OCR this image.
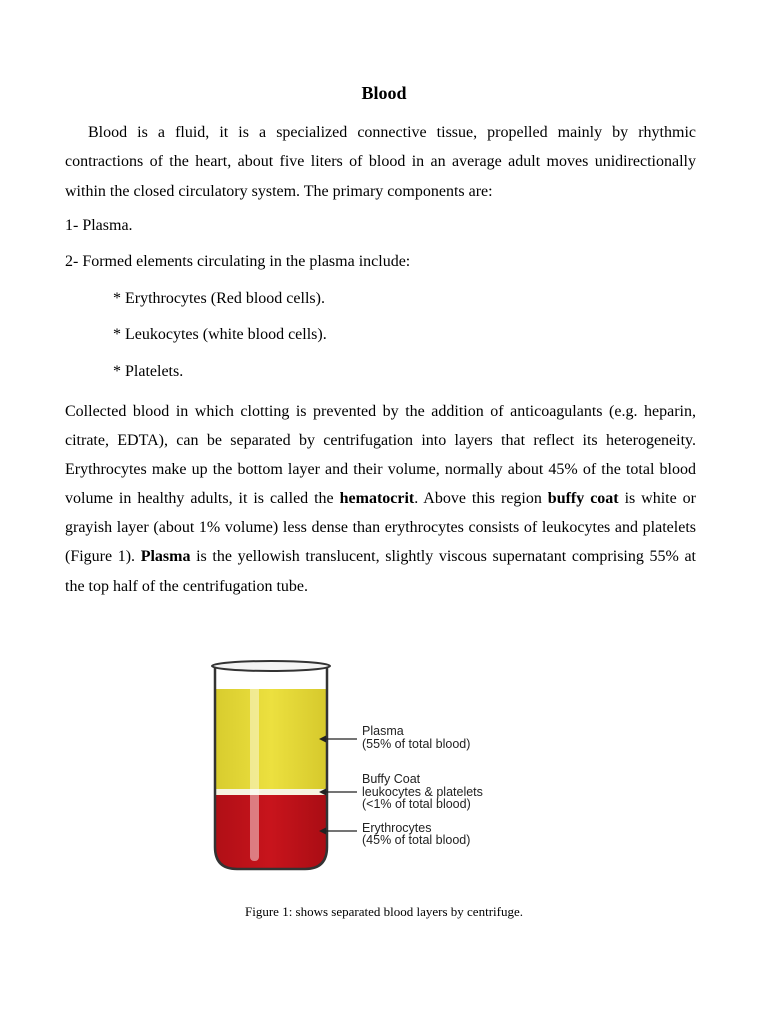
Blood

Blood is a fluid, it is a specialized connective tissue, propelled mainly by rhythmic contractions of the heart, about five liters of blood in an average adult moves unidirectionally within the closed circulatory system. The primary components are:

1- Plasma.

2- Formed elements circulating in the plasma include:

* Erythrocytes (Red blood cells).

* Leukocytes (white blood cells).

* Platelets.

Collected blood in which clotting is prevented by the addition of anticoagulants (e.g. heparin, citrate, EDTA), can be separated by centrifugation into layers that reflect its heterogeneity. Erythrocytes make up the bottom layer and their volume, normally about 45% of the total blood volume in healthy adults, it is called the hematocrit. Above this region buffy coat is white or grayish layer (about 1% volume) less dense than erythrocytes consists of leukocytes and platelets (Figure 1). Plasma is the yellowish translucent, slightly viscous supernatant comprising 55% at the top half of the centrifugation tube.

Plasma
(55% of total blood)
Buffy Coat
leukocytes & platelets
(<1% of total blood)
Erythrocytes
(45% of total blood)

Figure 1: shows separated blood layers by centrifuge.
